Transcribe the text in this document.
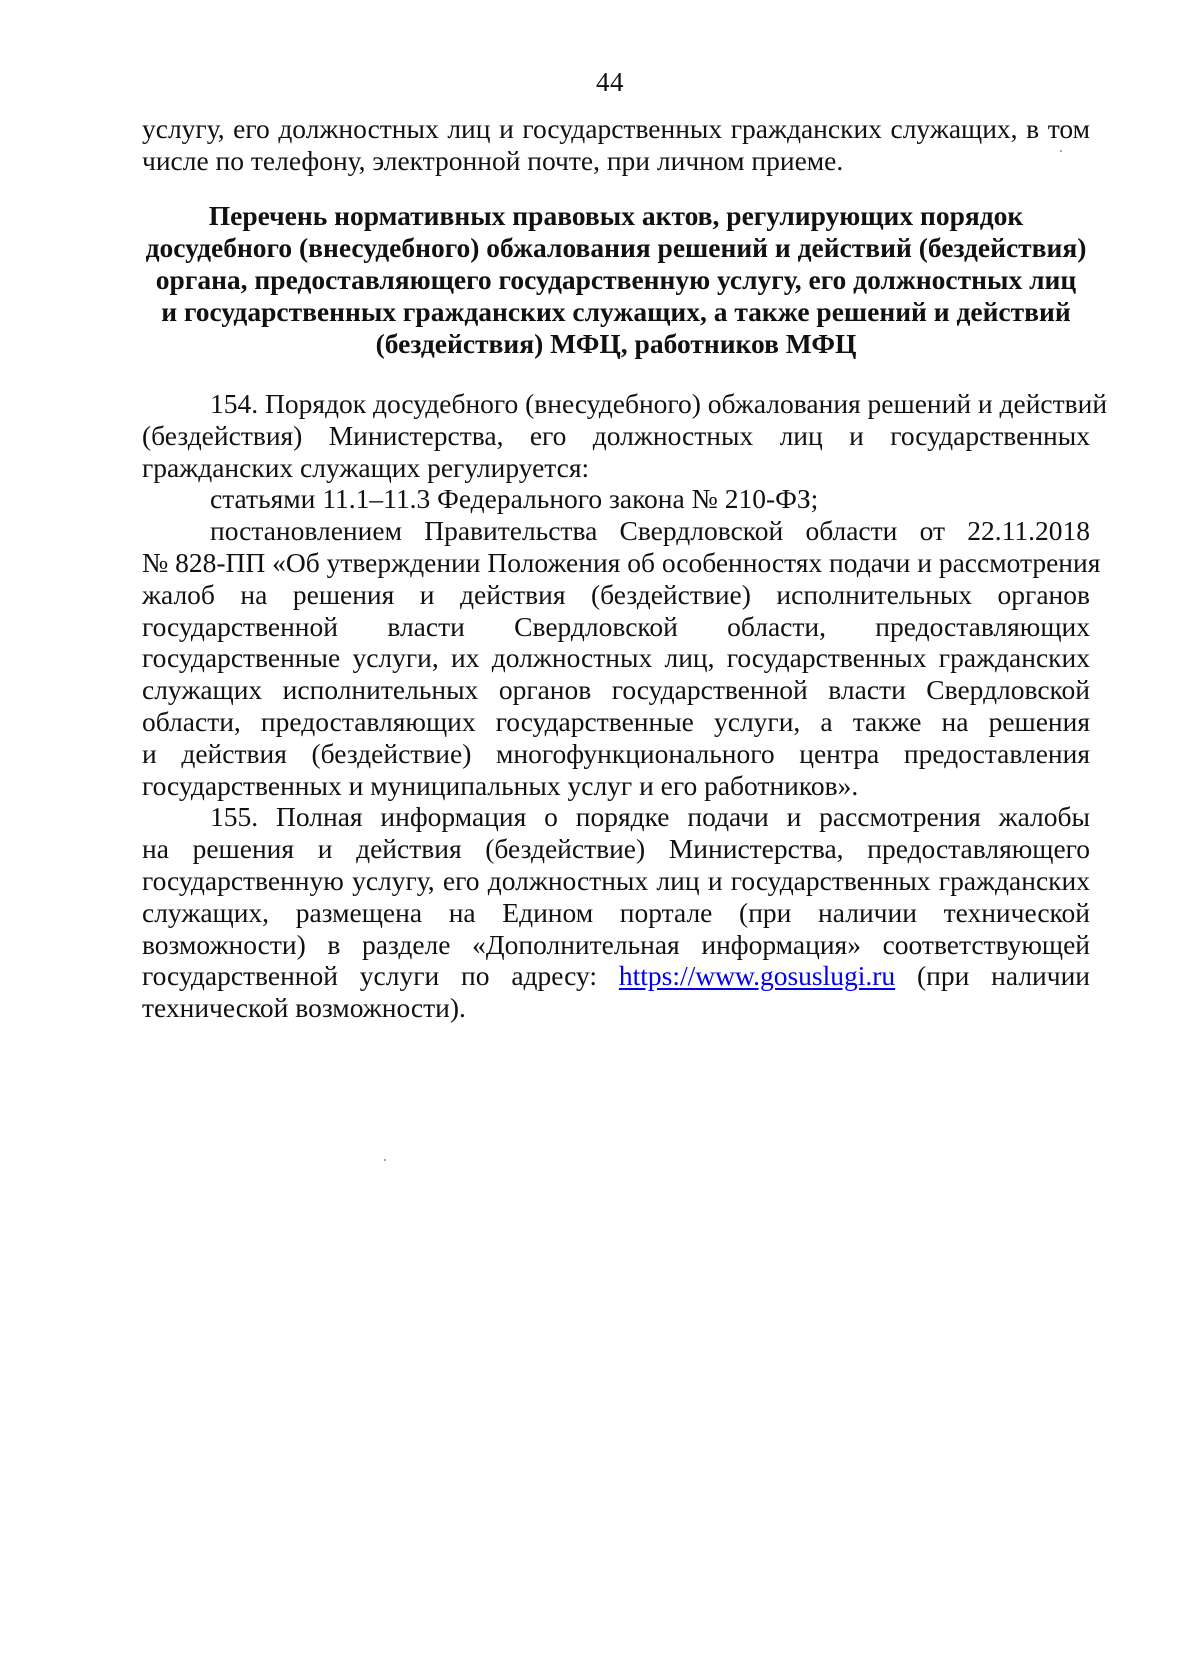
44
услугу, его должностных лиц и государственных гражданских служащих, в том
числе по телефону, электронной почте, при личном приеме.
Перечень нормативных правовых актов, регулирующих порядок
досудебного (внесудебного) обжалования решений и действий (бездействия)
органа, предоставляющего государственную услугу, его должностных лиц
и государственных гражданских служащих, а также решений и действий
(бездействия) МФЦ, работников МФЦ
154. Порядок досудебного (внесудебного) обжалования решений и действий
(бездействия) Министерства, его должностных лиц и государственных
гражданских служащих регулируется:
статьями 11.1–11.3 Федерального закона № 210-ФЗ;
постановлением Правительства Свердловской области от 22.11.2018
№ 828-ПП «Об утверждении Положения об особенностях подачи и рассмотрения
жалоб на решения и действия (бездействие) исполнительных органов
государственной власти Свердловской области, предоставляющих
государственные услуги, их должностных лиц, государственных гражданских
служащих исполнительных органов государственной власти Свердловской
области, предоставляющих государственные услуги, а также на решения
и действия (бездействие) многофункционального центра предоставления
государственных и муниципальных услуг и его работников».
155. Полная информация о порядке подачи и рассмотрения жалобы
на решения и действия (бездействие) Министерства, предоставляющего
государственную услугу, его должностных лиц и государственных гражданских
служащих, размещена на Едином портале (при наличии технической
возможности) в разделе «Дополнительная информация» соответствующей
государственной услуги по адресу: https://www.gosuslugi.ru (при наличии
технической возможности).
